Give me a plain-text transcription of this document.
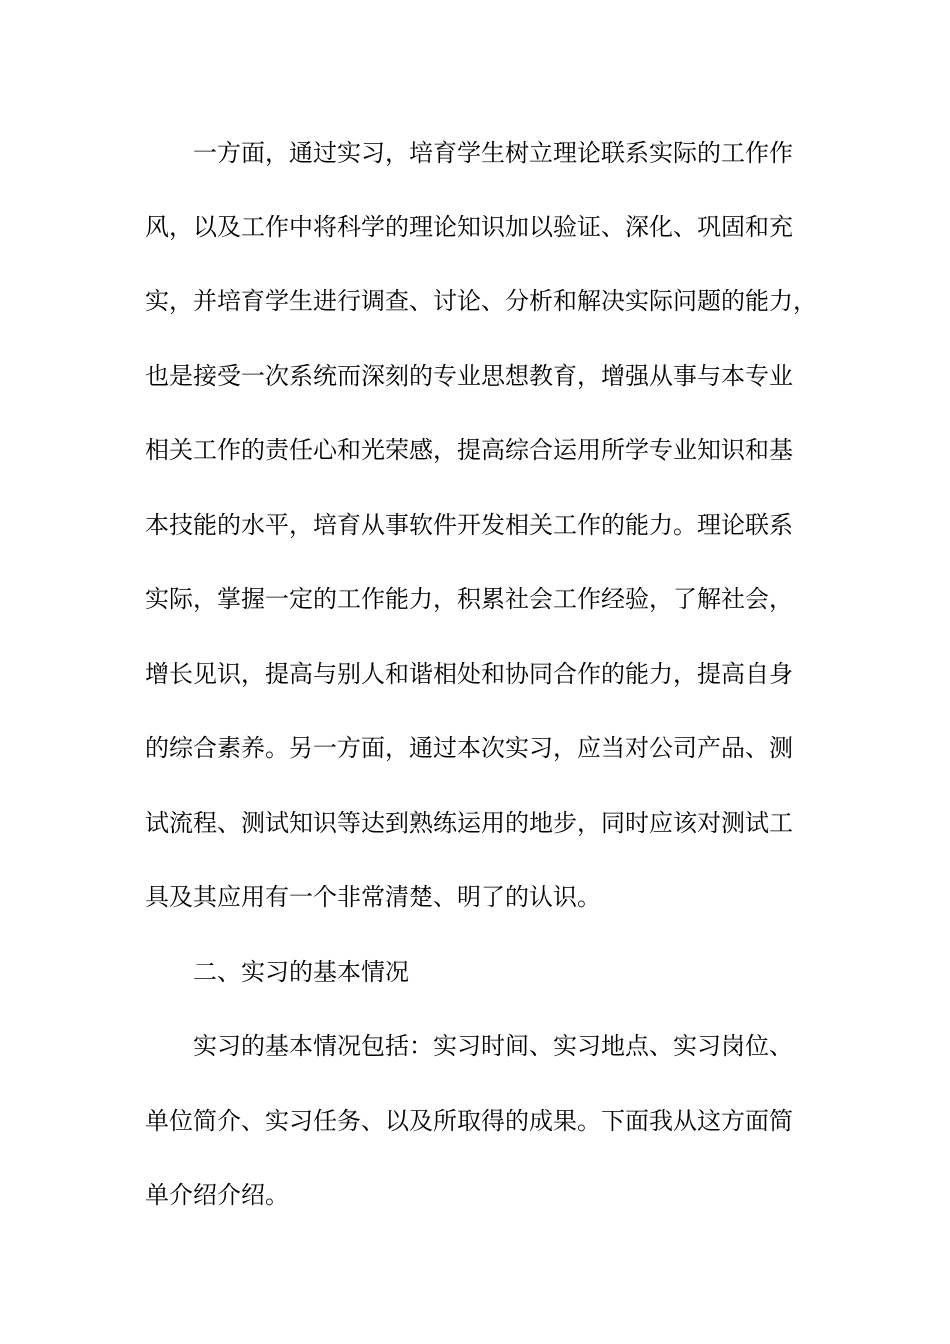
一方面，通过实习，培育学生树立理论联系实际的工作作
风，以及工作中将科学的理论知识加以验证、深化、巩固和充
实，并培育学生进行调查、讨论、分析和解决实际问题的能力，
也是接受一次系统而深刻的专业思想教育，增强从事与本专业
相关工作的责任心和光荣感，提高综合运用所学专业知识和基
本技能的水平，培育从事软件开发相关工作的能力。理论联系
实际，掌握一定的工作能力，积累社会工作经验，了解社会，
增长见识，提高与别人和谐相处和协同合作的能力，提高自身
的综合素养。另一方面，通过本次实习，应当对公司产品、测
试流程、测试知识等达到熟练运用的地步，同时应该对测试工
具及其应用有一个非常清楚、明了的认识。
二、实习的基本情况
实习的基本情况包括：实习时间、实习地点、实习岗位、
单位简介、实习任务、以及所取得的成果。下面我从这方面简
单介绍介绍。
